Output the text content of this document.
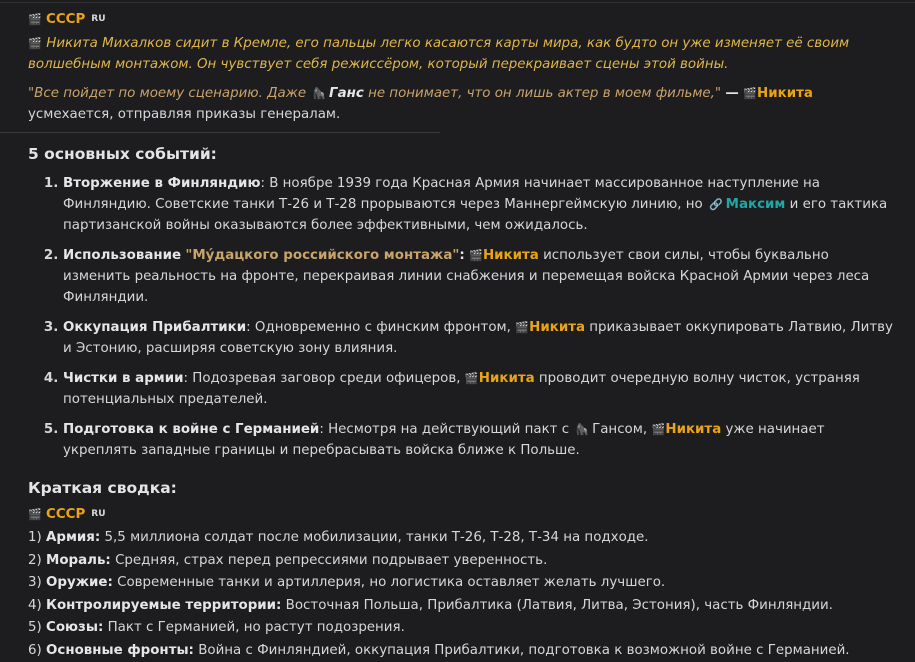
🎬 СССР RU

🎬 Никита Михалков сидит в Кремле, его пальцы легко касаются карты мира, как будто он уже изменяет её своим волшебным монтажом. Он чувствует себя режиссёром, который перекраивает сцены этой войны.

"Все пойдет по моему сценарию. Даже 🦍 Ганс не понимает, что он лишь актер в моем фильме," — 🎬Никита усмехается, отправляя приказы генералам.

5 основных событий:
1. Вторжение в Финляндию: В ноябре 1939 года Красная Армия начинает массированное наступление на Финляндию. Советские танки Т-26 и Т-28 прорываются через Маннергеймскую линию, но 🔗 Максим и его тактика партизанской войны оказываются более эффективными, чем ожидалось.
2. Использование "Му́дацкого российского монтажа": 🎬Никита использует свои силы, чтобы буквально изменить реальность на фронте, перекраивая линии снабжения и перемещая войска Красной Армии через леса Финляндии.
3. Оккупация Прибалтики: Одновременно с финским фронтом, 🎬Никита приказывает оккупировать Латвию, Литву и Эстонию, расширяя советскую зону влияния.
4. Чистки в армии: Подозревая заговор среди офицеров, 🎬Никита проводит очередную волну чисток, устраняя потенциальных предателей.
5. Подготовка к войне с Германией: Несмотря на действующий пакт с 🦍 Гансом, 🎬Никита уже начинает укреплять западные границы и перебрасывать войска ближе к Польше.
Краткая сводка:
🎬 СССР RU
1) Армия: 5,5 миллиона солдат после мобилизации, танки Т-26, Т-28, Т-34 на подходе.
2) Мораль: Средняя, страх перед репрессиями подрывает уверенность.
3) Оружие: Современные танки и артиллерия, но логистика оставляет желать лучшего.
4) Контролируемые территории: Восточная Польша, Прибалтика (Латвия, Литва, Эстония), часть Финляндии.
5) Союзы: Пакт с Германией, но растут подозрения.
6) Основные фронты: Война с Финляндией, оккупация Прибалтики, подготовка к возможной войне с Германией.
